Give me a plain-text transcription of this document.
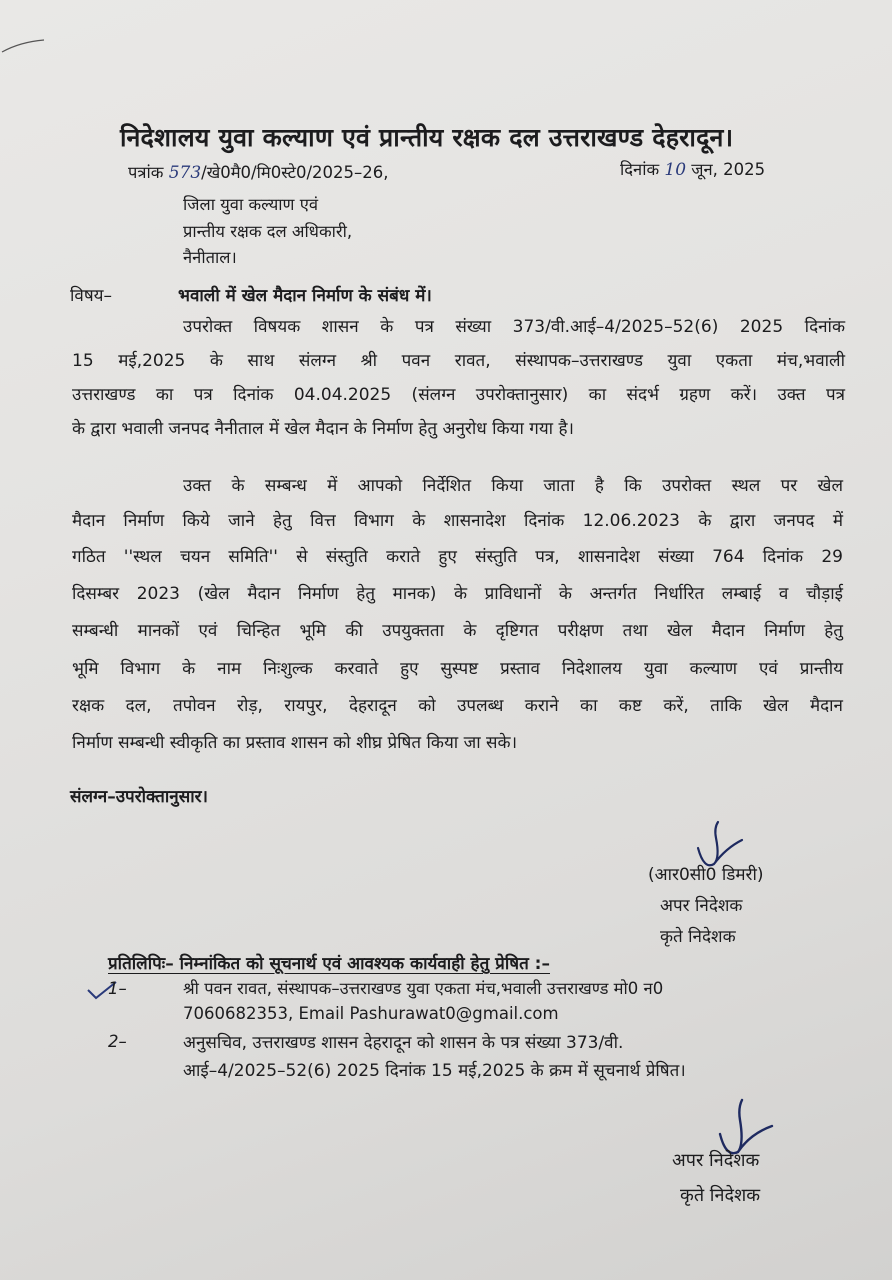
निदेशालय युवा कल्याण एवं प्रान्तीय रक्षक दल उत्तराखण्ड देहरादून।
पत्रांक 573/खे0मै0/मि0स्टे0/2025–26,	दिनांक 10 जून, 2025
जिला युवा कल्याण एवं
प्रान्तीय रक्षक दल अधिकारी,
नैनीताल।
विषय–	भवाली में खेल मैदान निर्माण के संबंध में।
उपरोक्त विषयक शासन के पत्र संख्या 373/वी.आई–4/2025–52(6) 2025 दिनांक
15 मई,2025 के साथ संलग्न श्री पवन रावत, संस्थापक–उत्तराखण्ड युवा एकता मंच,भवाली
उत्तराखण्ड का पत्र दिनांक 04.04.2025 (संलग्न उपरोक्तानुसार) का संदर्भ ग्रहण करें। उक्त पत्र
के द्वारा भवाली जनपद नैनीताल में खेल मैदान के निर्माण हेतु अनुरोध किया गया है।
उक्त के सम्बन्ध में आपको निर्देशित किया जाता है कि उपरोक्त स्थल पर खेल
मैदान निर्माण किये जाने हेतु वित्त विभाग के शासनादेश दिनांक 12.06.2023 के द्वारा जनपद में
गठित ''स्थल चयन समिति'' से संस्तुति कराते हुए संस्तुति पत्र, शासनादेश संख्या 764 दिनांक 29
दिसम्बर 2023 (खेल मैदान निर्माण हेतु मानक) के प्राविधानों के अन्तर्गत निर्धारित लम्बाई व चौड़ाई
सम्बन्धी मानकों एवं चिन्हित भूमि की उपयुक्तता के दृष्टिगत परीक्षण तथा खेल मैदान निर्माण हेतु
भूमि विभाग के नाम निःशुल्क करवाते हुए सुस्पष्ट प्रस्ताव निदेशालय युवा कल्याण एवं प्रान्तीय
रक्षक दल, तपोवन रोड़, रायपुर, देहरादून को उपलब्ध कराने का कष्ट करें, ताकि खेल मैदान
निर्माण सम्बन्धी स्वीकृति का प्रस्ताव शासन को शीघ्र प्रेषित किया जा सके।
संलग्न–उपरोक्तानुसार।
(आर0सी0 डिमरी)
अपर निदेशक
कृते निदेशक
प्रतिलिपिः– निम्नांकित को सूचनार्थ एवं आवश्यक कार्यवाही हेतु प्रेषित :–
1–	श्री पवन रावत, संस्थापक–उत्तराखण्ड युवा एकता मंच,भवाली उत्तराखण्ड मो0 न0
7060682353, Email Pashurawat0@gmail.com
2–	अनुसचिव, उत्तराखण्ड शासन देहरादून को शासन के पत्र संख्या 373/वी.
आई–4/2025–52(6) 2025 दिनांक 15 मई,2025 के क्रम में सूचनार्थ प्रेषित।
अपर निदेशक
कृते निदेशक
